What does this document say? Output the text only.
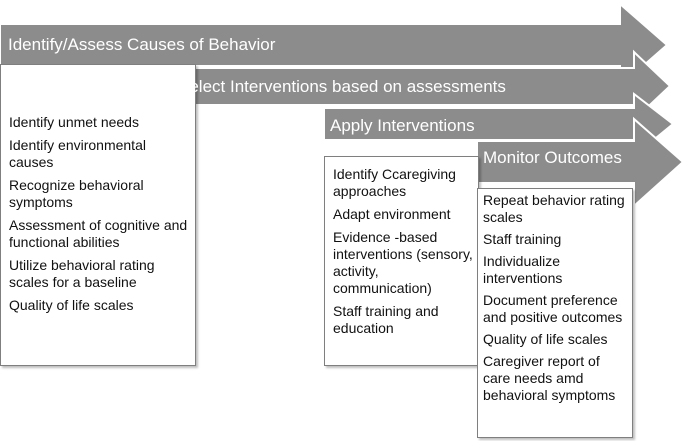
Identify unmet needs
Identify environmental causes
Recognize behavioral symptoms
Assessment of cognitive and functional abilities
Utilize behavioral rating scales for a baseline
Quality of life scales
Identify Ccaregiving approaches
Adapt environment
Evidence -based interventions (sensory, activity, communication)
Staff training and education
Repeat behavior rating scales
Staff training
Individualize interventions
Document preference and positive outcomes
Quality of life scales
Caregiver report of care needs amd behavioral symptoms
Identify/Assess Causes of Behavior
Select Interventions based on assessments
Apply Interventions
Monitor Outcomes
